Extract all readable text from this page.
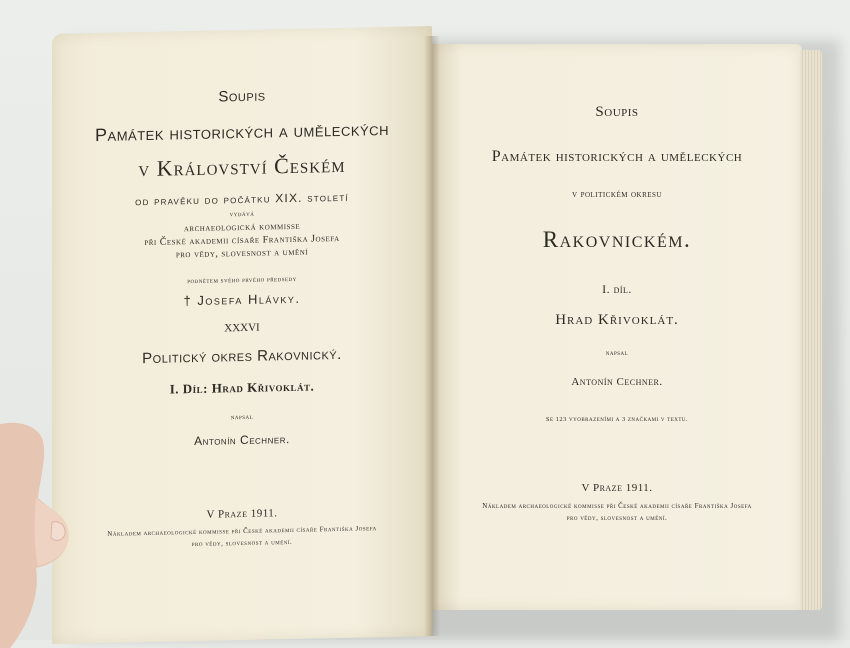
Soupis
Památek historických a uměleckých
v Království Českém
od pravěku do počátku XIX. století
vydává
archaeologická kommisse
při České akademii císaře Františka Josefa
pro vědy, slovesnost a umění
podnětem svého prvého předsedy
† Josefa Hlávky.
XXXVI
Politický okres Rakovnický.
I. Díl: Hrad Křivoklát.
napsal
Antonín Cechner.
V Praze 1911.
Nákladem archaeologické kommisse při České akademii císaře Františka Josefa
pro vědy, slovesnost a umění.
Soupis
Památek historických a uměleckých
v politickém okresu
Rakovnickém.
I. díl.
Hrad Křivoklát.
napsal
Antonín Cechner.
Se 123 vyobrazeními a 3 značkami v textu.
V Praze 1911.
Nákladem archaeologické kommisse při České akademii císaře Františka Josefa
pro vědy, slovesnost a umění.
